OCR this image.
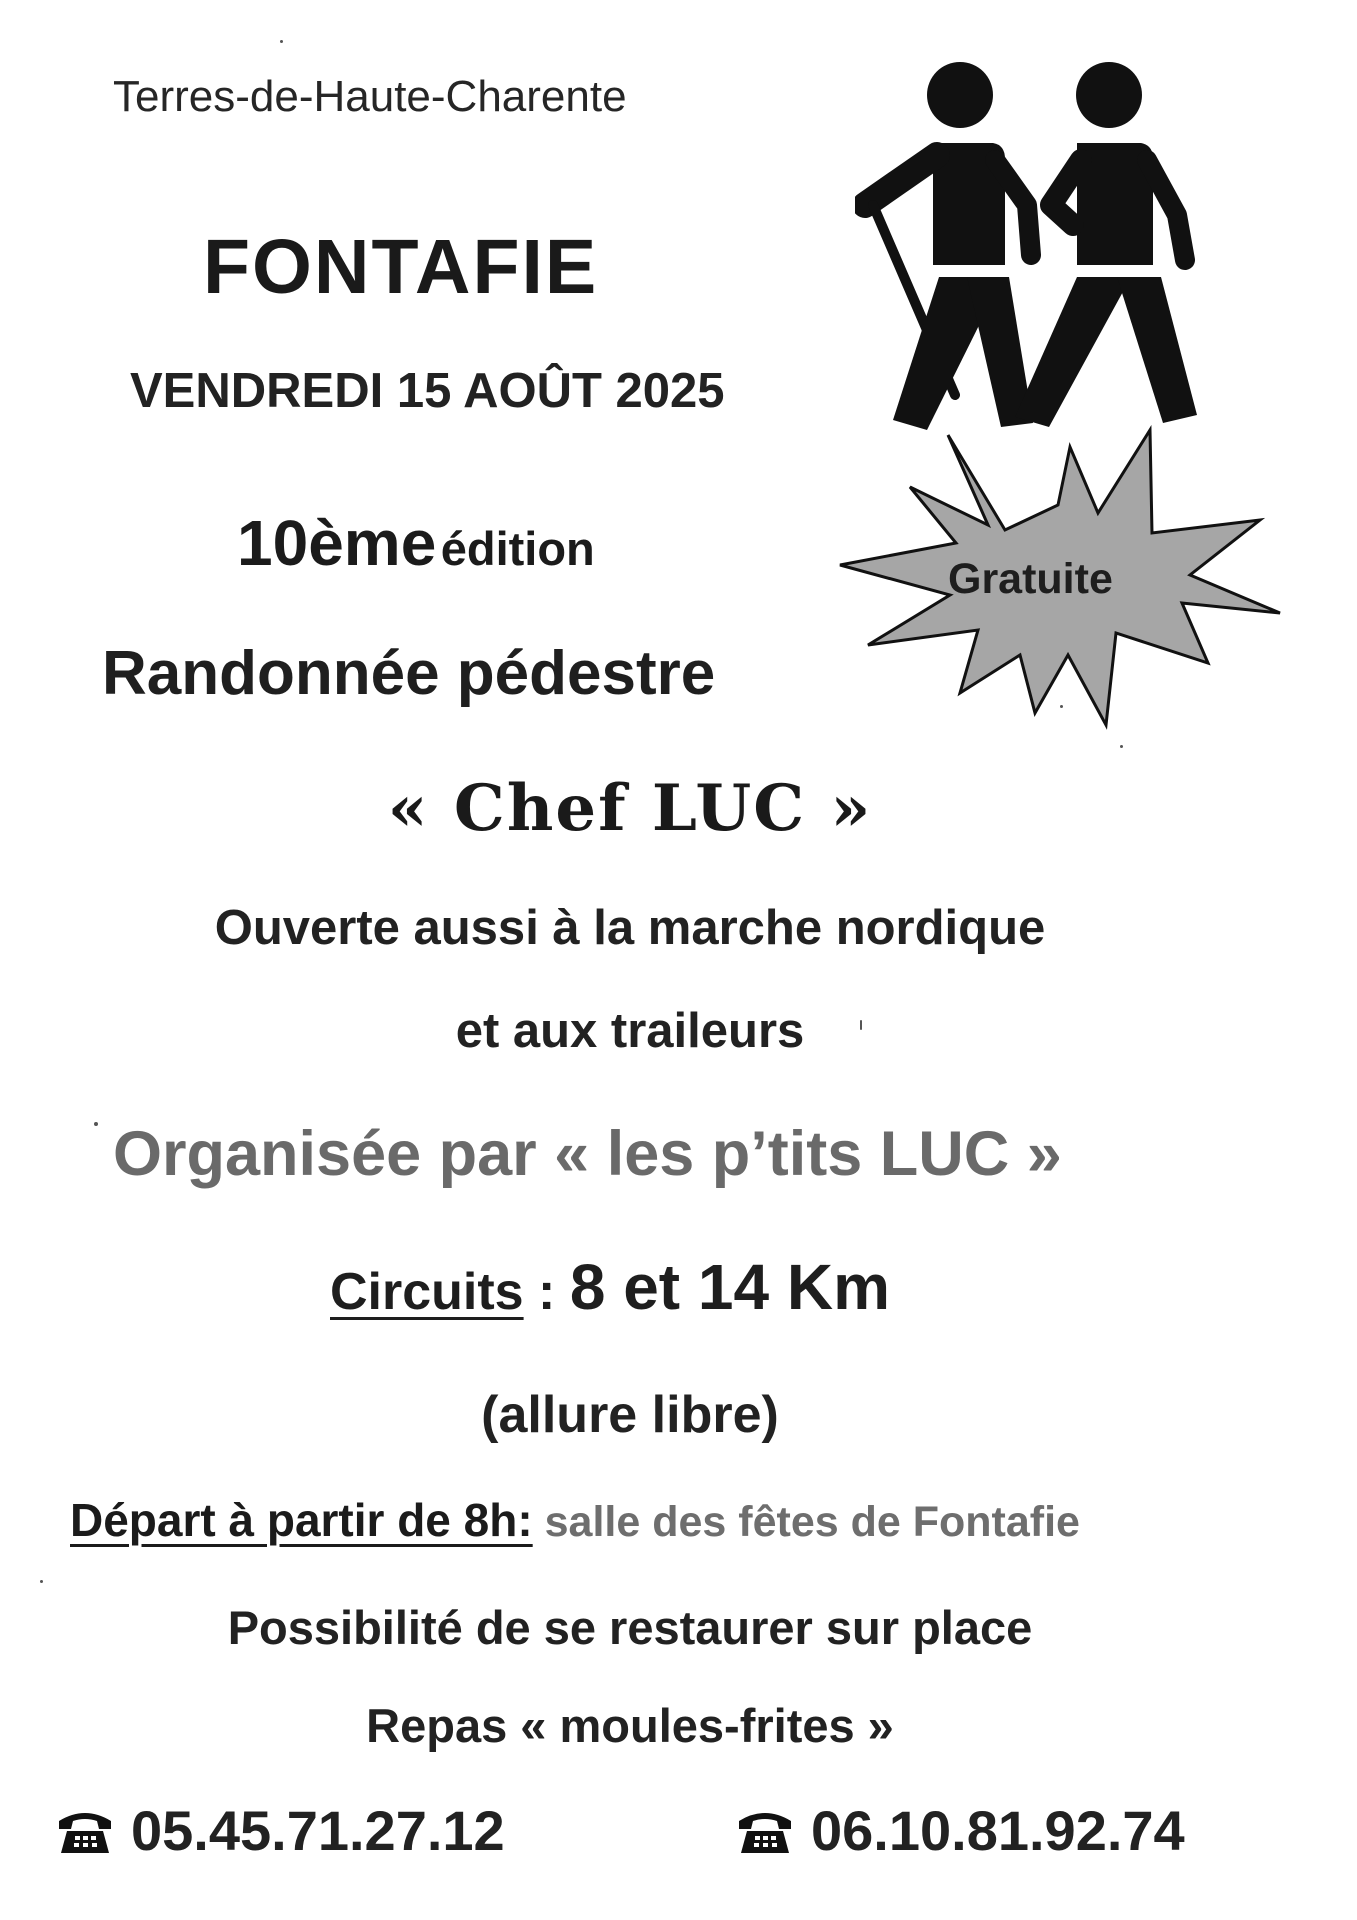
Terres-de-Haute-Charente
FONTAFIE
VENDREDI 15 AOÛT 2025
Gratuite
10ème édition
Randonnée pédestre
« Chef LUC »
Ouverte aussi à la marche nordique
et aux traileurs
Organisée par « les p’tits LUC »
Circuits : 8 et 14 Km
(allure libre)
Départ à partir de 8h: salle des fêtes de Fontafie
Possibilité de se restaurer sur place
Repas « moules-frites »
05.45.71.27.12	06.10.81.92.74
